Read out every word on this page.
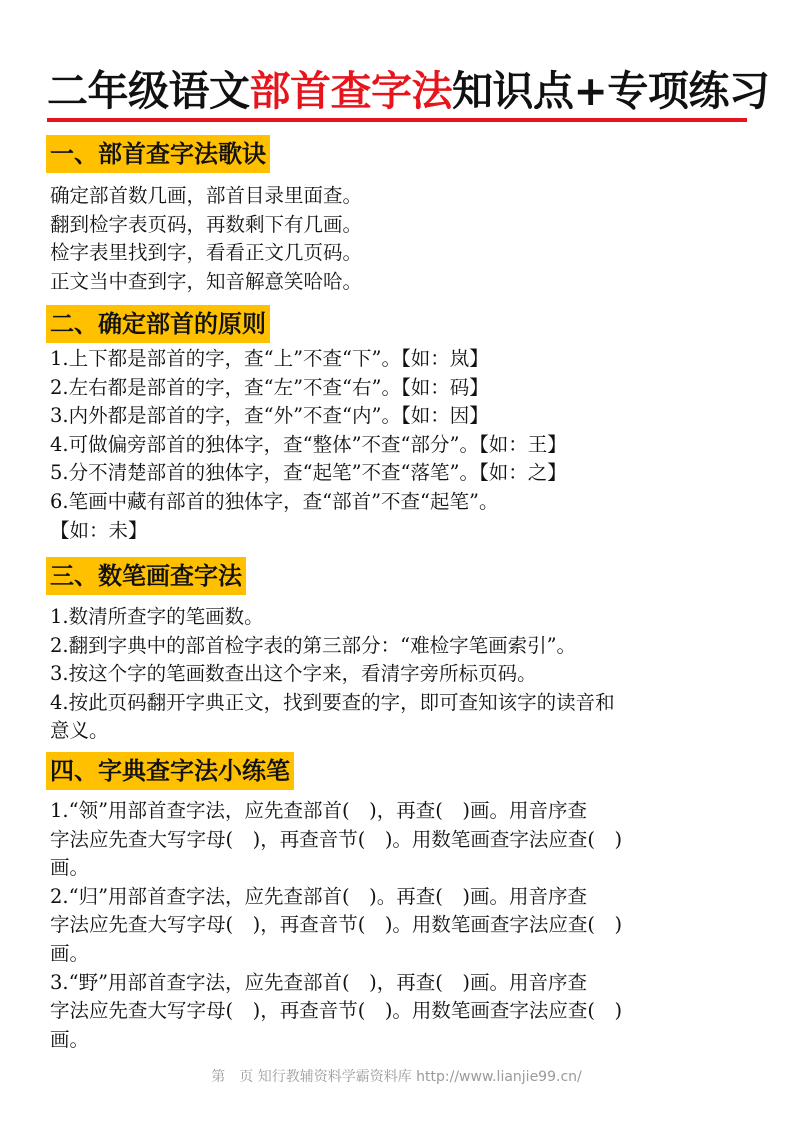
二年级语文部首查字法知识点+专项练习
一、部首查字法歌诀

确定部首数几画，部首目录里面查。

翻到检字表页码，再数剩下有几画。

检字表里找到字，看看正文几页码。

正文当中查到字，知音解意笑哈哈。

二、确定部首的原则

1.上下都是部首的字，查“上”不查“下”。【如：岚】

2.左右都是部首的字，查“左”不查“右”。【如：码】

3.内外都是部首的字，查“外”不查“内”。【如：因】

4.可做偏旁部首的独体字，查“整体”不查“部分”。【如：王】

5.分不清楚部首的独体字，查“起笔”不查“落笔”。【如：之】

6.笔画中藏有部首的独体字，查“部首”不查“起笔”。

【如：未】

三、数笔画查字法

1.数清所查字的笔画数。

2.翻到字典中的部首检字表的第三部分：“难检字笔画索引”。

3.按这个字的笔画数查出这个字来，看清字旁所标页码。

4.按此页码翻开字典正文，找到要查的字，即可查知该字的读音和

意义。

四、字典查字法小练笔

1.“领”用部首查字法，应先查部首(　)，再查(　)画。用音序查

字法应先查大写字母(　)，再查音节(　)。用数笔画查字法应查(　)

画。

2.“归”用部首查字法，应先查部首(　)。再查(　)画。用音序查

字法应先查大写字母(　)，再查音节(　)。用数笔画查字法应查(　)

画。

3.“野”用部首查字法，应先查部首(　)，再查(　)画。用音序查

字法应先查大写字母(　)，再查音节(　)。用数笔画查字法应查(　)

画。

第　页 知行教辅资料学霸资料库 http://www.lianjie99.cn/
